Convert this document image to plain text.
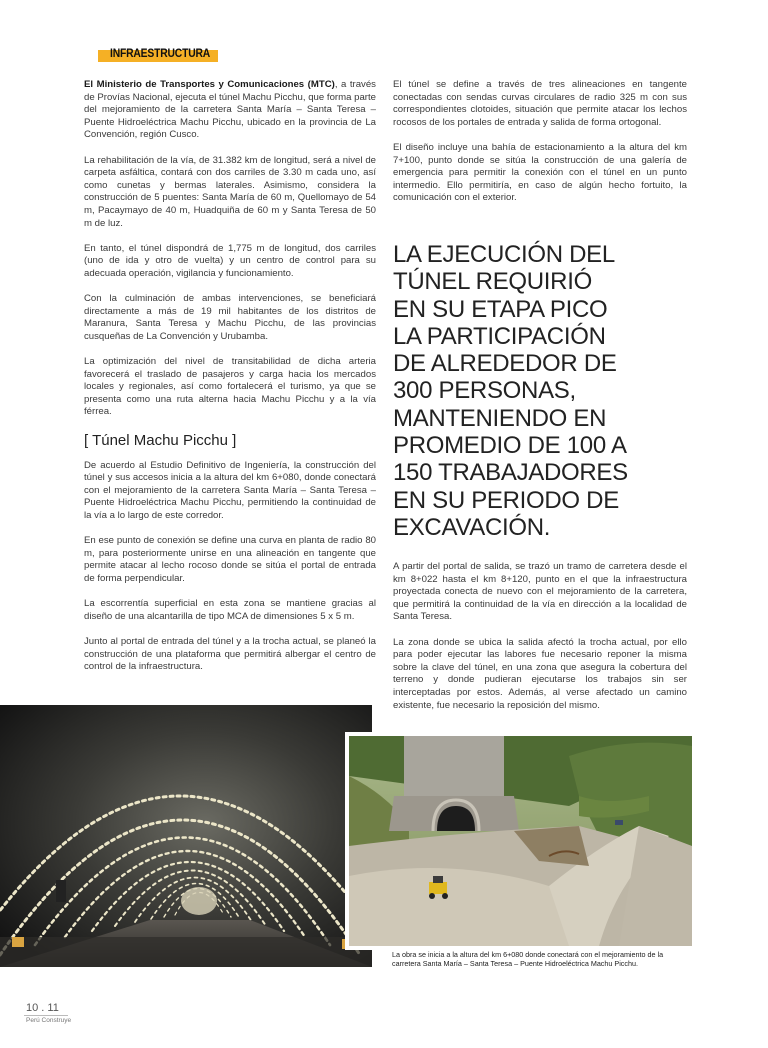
INFRAESTRUCTURA

El Ministerio de Transportes y Comunicaciones (MTC), a través de Provías Nacional, ejecuta el túnel Machu Picchu, que forma parte del mejoramiento de la carretera Santa María – Santa Teresa – Puente Hidroeléctrica Machu Picchu, ubicado en la provincia de La Convención, región Cusco.

La rehabilitación de la vía, de 31.382 km de longitud, será a nivel de carpeta asfáltica, contará con dos carriles de 3.30 m cada uno, así como cunetas y bermas laterales. Asimismo, considera la construcción de 5 puentes: Santa María de 60 m, Quellomayo de 54 m, Pacaymayo de 40 m, Huadquiña de 60 m y Santa Teresa de 50 m de luz.

En tanto, el túnel dispondrá de 1,775 m de longitud, dos carriles (uno de ida y otro de vuelta) y un centro de control para su adecuada operación, vigilancia y funcionamiento.

Con la culminación de ambas intervenciones, se beneficiará directamente a más de 19 mil habitantes de los distritos de Maranura, Santa Teresa y Machu Picchu, de las provincias cusqueñas de La Convención y Urubamba.

La optimización del nivel de transitabilidad de dicha arteria favorecerá el traslado de pasajeros y carga hacia los mercados locales y regionales, así como fortalecerá el turismo, ya que se presenta como una ruta alterna hacia Machu Picchu y a la vía férrea.

[ Túnel Machu Picchu ]

De acuerdo al Estudio Definitivo de Ingeniería, la construcción del túnel y sus accesos inicia a la altura del km 6+080, donde conectará con el mejoramiento de la carretera Santa María – Santa Teresa – Puente Hidroeléctrica Machu Picchu, permitiendo la continuidad de la vía a lo largo de este corredor.

En ese punto de conexión se define una curva en planta de radio 80 m, para posteriormente unirse en una alineación en tangente que permite atacar al lecho rocoso donde se sitúa el portal de entrada de forma perpendicular.

La escorrentía superficial en esta zona se mantiene gracias al diseño de una alcantarilla de tipo MCA de dimensiones 5 x 5 m.

Junto al portal de entrada del túnel y a la trocha actual, se planeó la construcción de una plataforma que permitirá albergar el centro de control de la infraestructura.

El túnel se define a través de tres alineaciones en tangente conectadas con sendas curvas circulares de radio 325 m con sus correspondientes clotoides, situación que permite atacar los lechos rocosos de los portales de entrada y salida de forma ortogonal.

El diseño incluye una bahía de estacionamiento a la altura del km 7+100, punto donde se sitúa la construcción de una galería de emergencia para permitir la conexión con el túnel en un punto intermedio. Ello permitiría, en caso de algún hecho fortuito, la comunicación con el exterior.

LA EJECUCIÓN DEL
TÚNEL REQUIRIÓ
EN SU ETAPA PICO
LA PARTICIPACIÓN
DE ALREDEDOR DE
300 PERSONAS,
MANTENIENDO EN
PROMEDIO DE 100 A
150 TRABAJADORES
EN SU PERIODO DE
EXCAVACIÓN.

A partir del portal de salida, se trazó un tramo de carretera desde el km 8+022 hasta el km 8+120, punto en el que la infraestructura proyectada conecta de nuevo con el mejoramiento de la carretera, que permitirá la continuidad de la vía en dirección a la localidad de Santa Teresa.

La zona donde se ubica la salida afectó la trocha actual, por ello para poder ejecutar las labores fue necesario reponer la misma sobre la clave del túnel, en una zona que asegura la cobertura del terreno y donde pudieran ejecutarse los trabajos sin ser interceptadas por estos. Además, al verse afectado un camino existente, fue necesario la reposición del mismo.

La obra se inicia a la altura del km 6+080 donde conectará con el mejoramiento de la carretera Santa María – Santa Teresa – Puente Hidroeléctrica Machu Picchu.
10 . 11
Perú Construye
